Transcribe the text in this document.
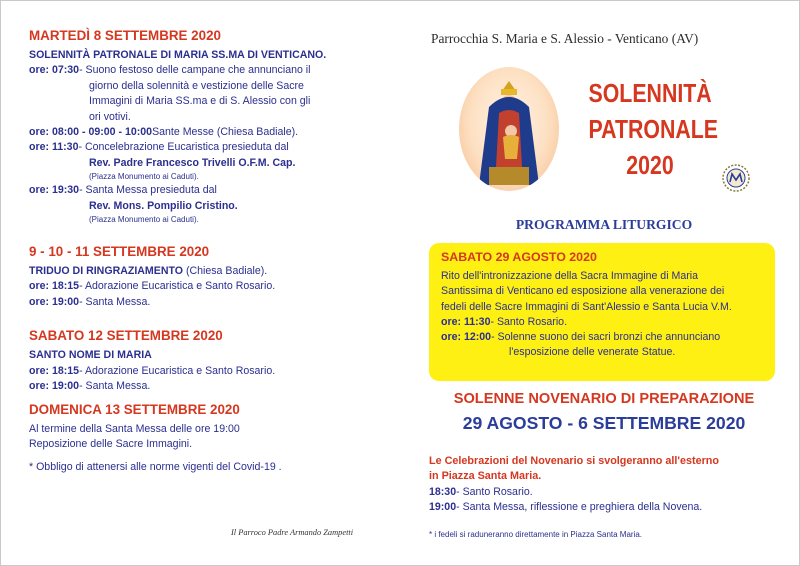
MARTEDÌ 8 SETTEMBRE 2020
SOLENNITÀ PATRONALE DI MARIA SS.MA DI VENTICANO.
ore: 07:30 - Suono festoso delle campane che annunciano il
giorno della solennità e vestizione delle Sacre
Immagini di Maria SS.ma e di S. Alessio con gli
ori votivi.
ore: 08:00 - 09:00 - 10:00 Sante Messe (Chiesa Badiale).
ore: 11:30 - Concelebrazione Eucaristica presieduta dal
Rev. Padre Francesco Trivelli O.F.M. Cap.
(Piazza Monumento ai Caduti).
ore: 19:30 - Santa Messa presieduta dal
Rev. Mons. Pompilio Cristino.
(Piazza Monumento ai Caduti).
9 - 10 - 11 SETTEMBRE 2020
TRIDUO DI RINGRAZIAMENTO (Chiesa Badiale).
ore: 18:15 - Adorazione Eucaristica e Santo Rosario.
ore: 19:00 - Santa Messa.
SABATO 12 SETTEMBRE 2020
SANTO NOME DI MARIA
ore: 18:15 - Adorazione Eucaristica e Santo Rosario.
ore: 19:00 - Santa Messa.
DOMENICA 13 SETTEMBRE 2020
Al termine della Santa Messa delle ore 19:00
Reposizione delle Sacre Immagini.
* Obbligo di attenersi alle norme vigenti del Covid-19 .
Il Parroco Padre Armando Zampetti
Parrocchia S. Maria e S. Alessio - Venticano (AV)
SOLENNITÀ
PATRONALE
2020
PROGRAMMA LITURGICO
SABATO 29 AGOSTO 2020
Rito dell'intronizzazione della Sacra Immagine di Maria
Santissima di Venticano ed esposizione alla venerazione dei
fedeli delle Sacre Immagini di Sant'Alessio e Santa Lucia V.M.
ore: 11:30 - Santo Rosario.
ore: 12:00 - Solenne suono dei sacri bronzi che annunciano
l'esposizione delle venerate Statue.
SOLENNE NOVENARIO DI PREPARAZIONE
29 AGOSTO - 6 SETTEMBRE 2020
Le Celebrazioni del Novenario si svolgeranno all'esterno
in Piazza Santa Maria.
18:30 - Santo Rosario.
19:00 - Santa Messa, riflessione e preghiera della Novena.
* i fedeli si raduneranno direttamente in Piazza Santa Maria.
